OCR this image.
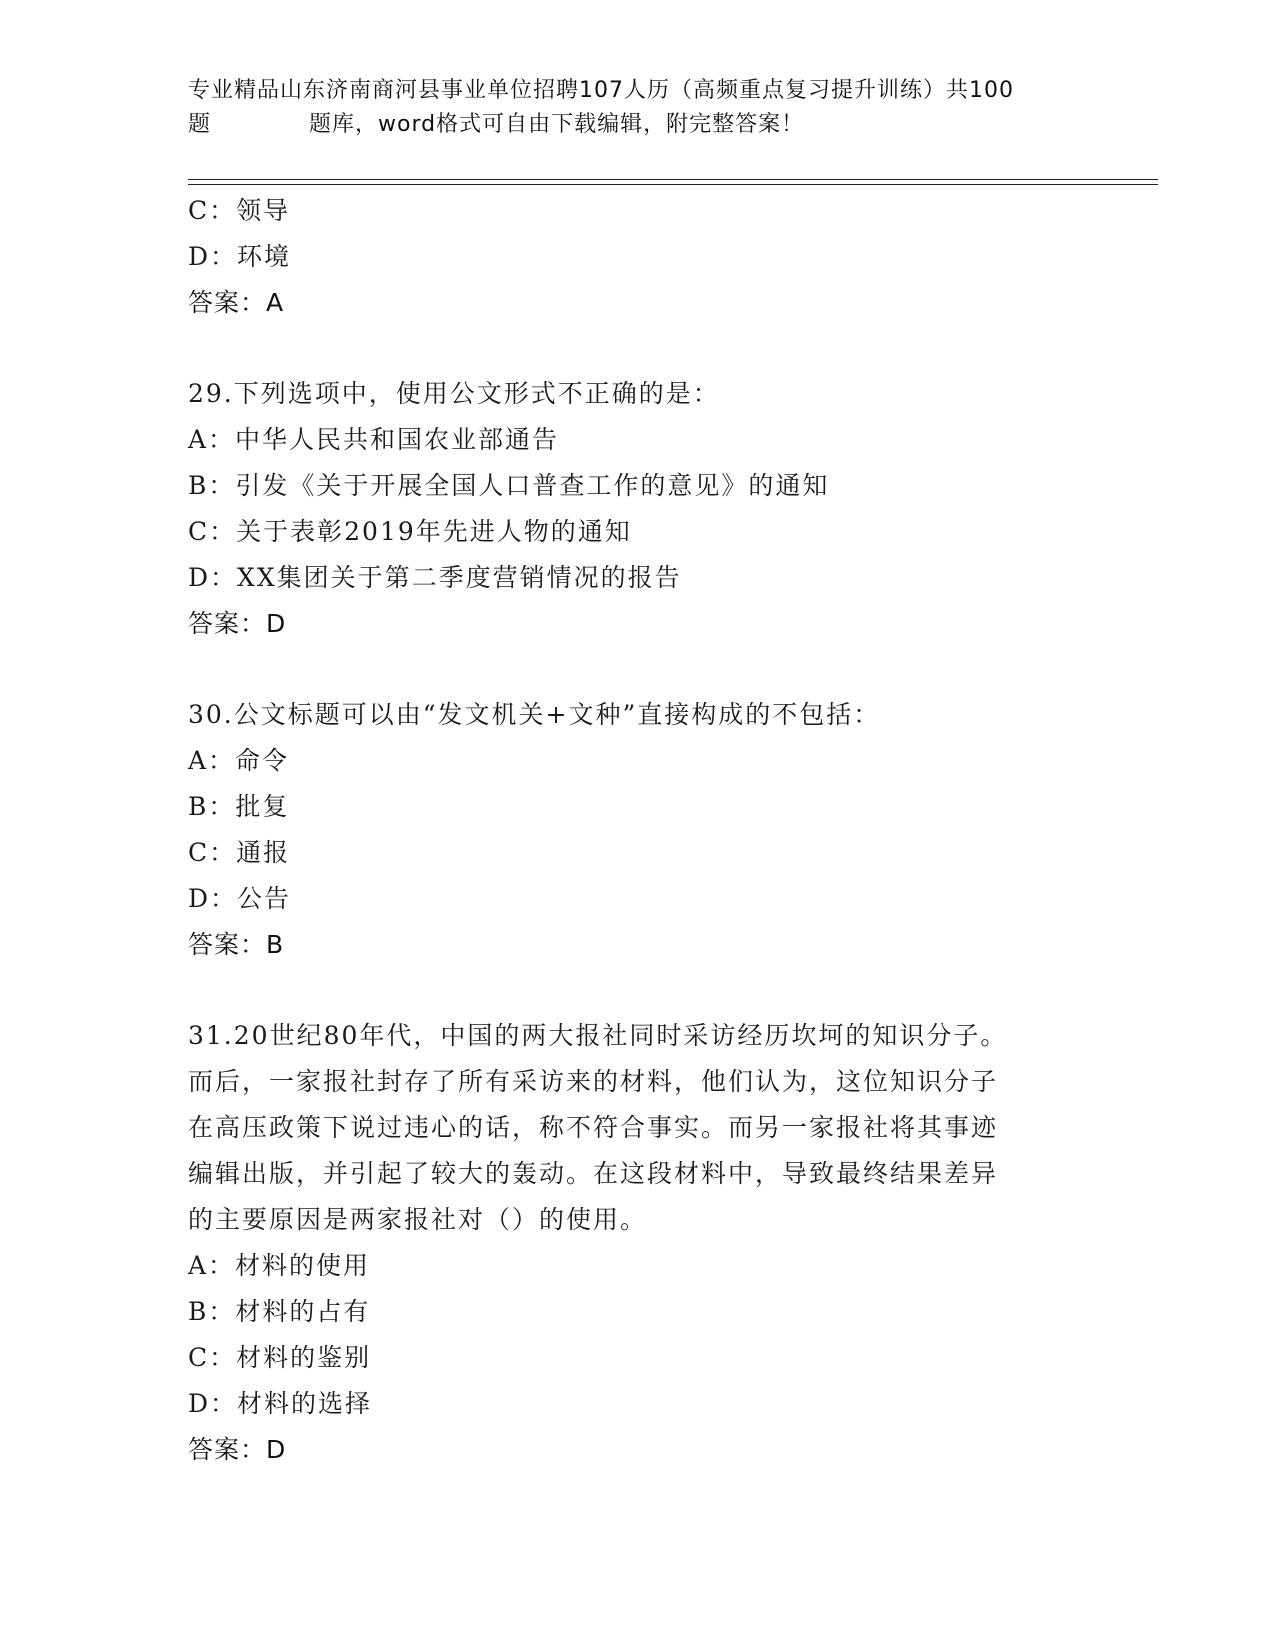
专业精品山东济南商河县事业单位招聘107人历（高频重点复习提升训练）共100
题	题库，word格式可自由下载编辑，附完整答案！
C：领导
D：环境
答案：A
29.下列选项中，使用公文形式不正确的是：
A：中华人民共和国农业部通告
B：引发《关于开展全国人口普查工作的意见》的通知
C：关于表彰2019年先进人物的通知
D：XX集团关于第二季度营销情况的报告
答案：D
30.公文标题可以由“发文机关+文种”直接构成的不包括：
A：命令
B：批复
C：通报
D：公告
答案：B
31.20世纪80年代，中国的两大报社同时采访经历坎坷的知识分子。
而后，一家报社封存了所有采访来的材料，他们认为，这位知识分子
在高压政策下说过违心的话，称不符合事实。而另一家报社将其事迹
编辑出版，并引起了较大的轰动。在这段材料中，导致最终结果差异
的主要原因是两家报社对（）的使用。
A：材料的使用
B：材料的占有
C：材料的鉴别
D：材料的选择
答案：D
